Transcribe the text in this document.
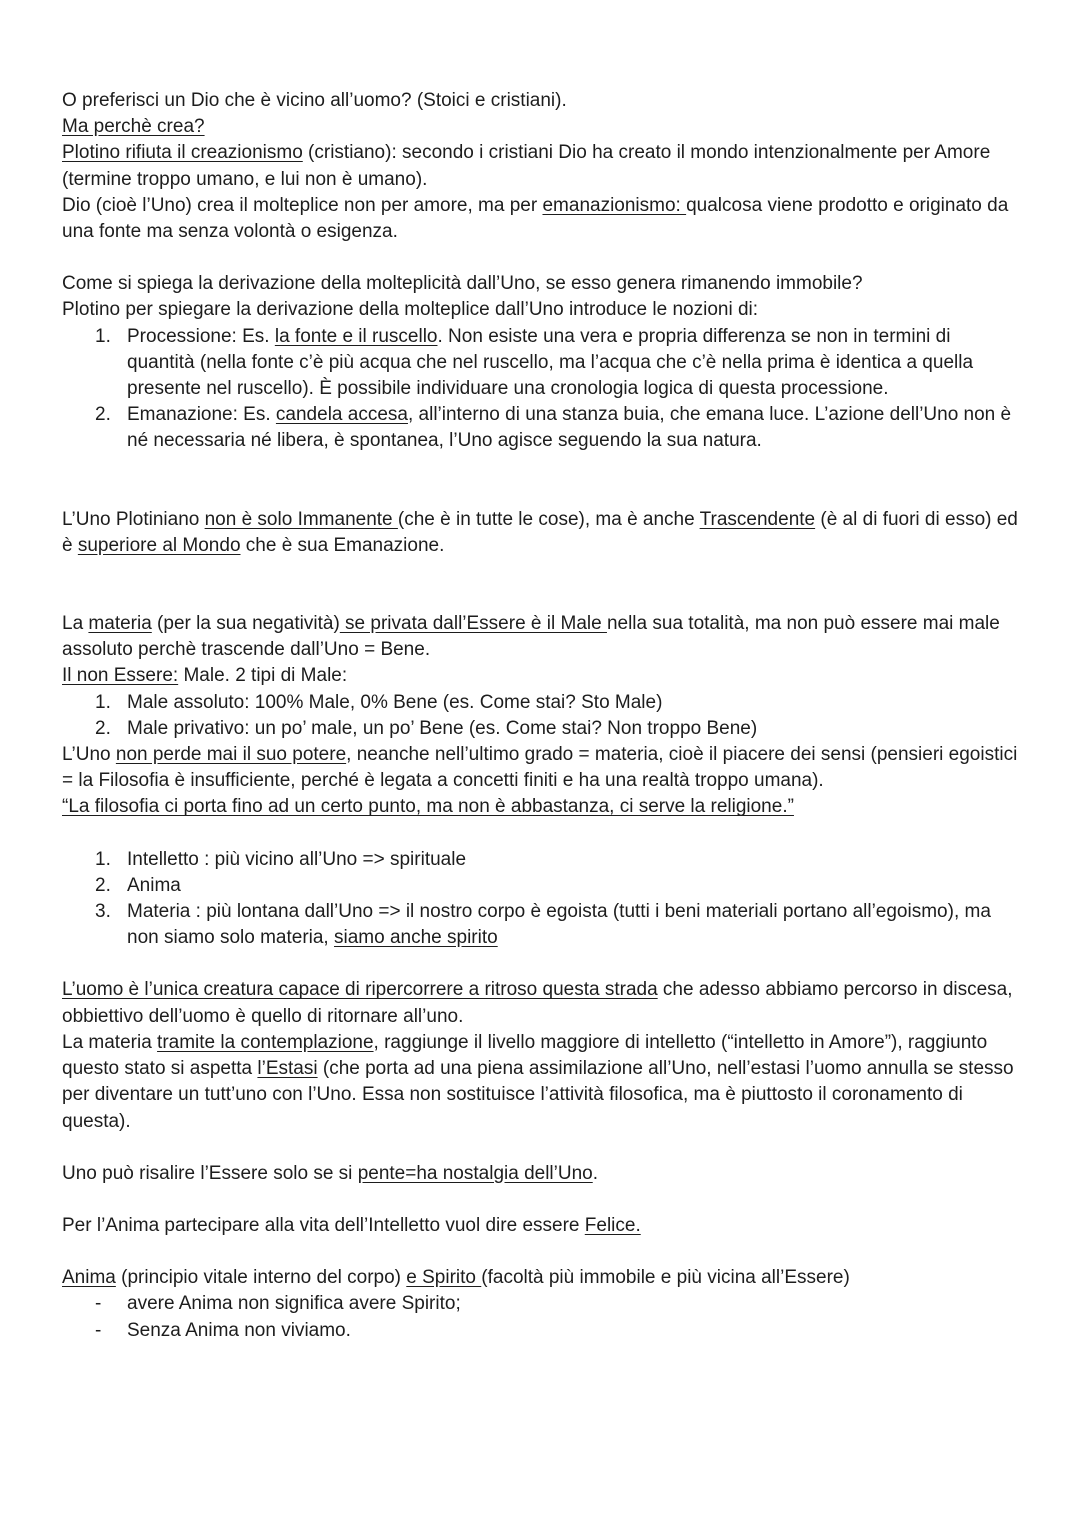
O preferisci un Dio che è vicino all’uomo? (Stoici e cristiani).

Ma perchè crea?

Plotino rifiuta il creazionismo (cristiano): secondo i cristiani Dio ha creato il mondo intenzionalmente per Amore (termine troppo umano, e lui non è umano).

Dio (cioè l’Uno) crea il molteplice non per amore, ma per emanazionismo: qualcosa viene prodotto e originato da una fonte ma senza volontà o esigenza.

Come si spiega la derivazione della molteplicità dall’Uno, se esso genera rimanendo immobile?

Plotino per spiegare la derivazione della molteplice dall’Uno introduce le nozioni di:

1. Processione: Es. la fonte e il ruscello. Non esiste una vera e propria differenza se non in termini di quantità (nella fonte c’è più acqua che nel ruscello, ma l’acqua che c’è nella prima è identica a quella presente nel ruscello). È possibile individuare una cronologia logica di questa processione.
2. Emanazione: Es. candela accesa, all’interno di una stanza buia, che emana luce. L’azione dell’Uno non è né necessaria né libera, è spontanea, l’Uno agisce seguendo la sua natura.

L’Uno Plotiniano non è solo Immanente (che è in tutte le cose), ma è anche Trascendente (è al di fuori di esso) ed è superiore al Mondo che è sua Emanazione.

La materia (per la sua negatività) se privata dall’Essere è il Male nella sua totalità, ma non può essere mai male assoluto perchè trascende dall’Uno = Bene.

Il non Essere: Male. 2 tipi di Male:

1. Male assoluto: 100% Male, 0% Bene (es. Come stai? Sto Male)
2. Male privativo: un po’ male, un po’ Bene (es. Come stai? Non troppo Bene)

L’Uno non perde mai il suo potere, neanche nell’ultimo grado = materia, cioè il piacere dei sensi (pensieri egoistici = la Filosofia è insufficiente, perché è legata a concetti finiti e ha una realtà troppo umana).

“La filosofia ci porta fino ad un certo punto, ma non è abbastanza, ci serve la religione.”

1. Intelletto : più vicino all’Uno => spirituale
2. Anima
3. Materia : più lontana dall’Uno => il nostro corpo è egoista (tutti i beni materiali portano all’egoismo), ma non siamo solo materia, siamo anche spirito

L’uomo è l’unica creatura capace di ripercorrere a ritroso questa strada che adesso abbiamo percorso in discesa, obbiettivo dell’uomo è quello di ritornare all’uno.

La materia tramite la contemplazione, raggiunge il livello maggiore di intelletto (“intelletto in Amore”), raggiunto questo stato si aspetta l’Estasi (che porta ad una piena assimilazione all’Uno, nell’estasi l’uomo annulla se stesso per diventare un tutt’uno con l’Uno. Essa non sostituisce l’attività filosofica, ma è piuttosto il coronamento di questa).

Uno può risalire l’Essere solo se si pente=ha nostalgia dell’Uno.

Per l’Anima partecipare alla vita dell’Intelletto vuol dire essere Felice.

Anima (principio vitale interno del corpo) e Spirito (facoltà più immobile e più vicina all’Essere)

- avere Anima non significa avere Spirito;
- Senza Anima non viviamo.
